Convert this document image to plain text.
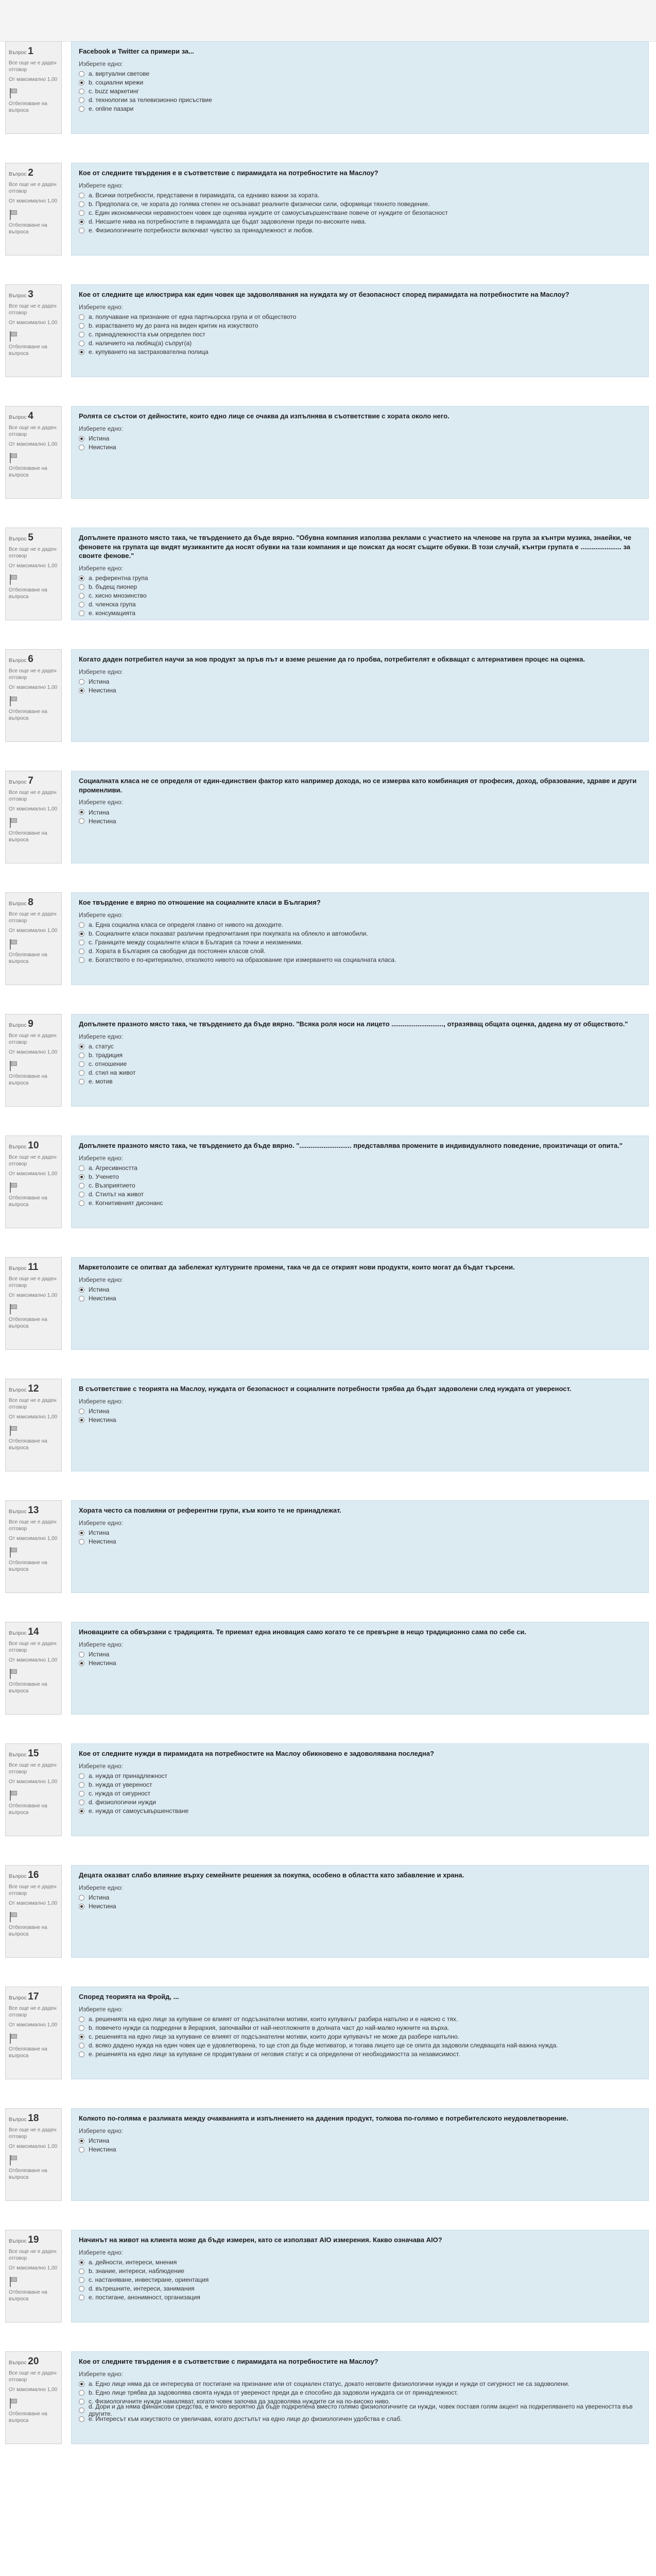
Въпрос 1
Все още не е даден отговор
От максимално 1,00
Отбелязване на въпроса
Facebook и Twitter са примери за...
Изберете едно:
a. виртуални светове
b. социални мрежи
c. buzz маркетинг
d. технологии за телевизионно присъствие
e. online пазари
Въпрос 2
Все още не е даден отговор
От максимално 1,00
Отбелязване на въпроса
Кое от следните твърдения е в съответствие с пирамидата на потребностите на Маслоу?
Изберете едно:
a. Всички потребности, представени в пирамидата, са еднакво важни за хората.
b. Предполага се, че хората до голяма степен не осъзнават реалните физически сили, оформящи тяхното поведение.
c. Един икономически неравностоен човек ще оценява нуждите от самоусъвършенстване повече от нуждите от безопасност
d. Нисшите нива на потребностите в пирамидата ще бъдат задоволени преди по-високите нива.
e. Физиологичните потребности включват чувство за принадлежност и любов.
Въпрос 3
Все още не е даден отговор
От максимално 1,00
Отбелязване на въпроса
Кое от следните ще илюстрира как един човек ще задоволявания на нуждата му от безопасност според пирамидата на потребностите на Маслоу?
Изберете едно:
a. получаване на признание от една партньорска група и от обществото
b. израстването му до ранга на виден критик на изкуството
c. принадлежността към определен пост
d. наличието на любящ(а) съпруг(а)
e. купуването на застрахователна полица
Въпрос 4
Все още не е даден отговор
От максимално 1,00
Отбелязване на въпроса
Ролята се състои от дейностите, които едно лице се очаква да изпълнява в съответствие с хората около него.
Изберете едно:
Истина
Неистина
Въпрос 5
Все още не е даден отговор
От максимално 1,00
Отбелязване на въпроса
Допълнете празното място така, че твърдението да бъде вярно. "Обувна компания използва реклами с участието на членове на група за кънтри музика, знаейки, че феновете на групата ще видят музикантите да носят обувки на тази компания и ще поискат да носят същите обувки. В този случай, кънтри групата е ...................... за своите фенове."
Изберете едно:
a. референтна група
b. бъдещ пионер
c. хисно мнозинство
d. членска група
e. консумацията
Въпрос 6
Все още не е даден отговор
От максимално 1,00
Отбелязване на въпроса
Когато даден потребител научи за нов продукт за пръв път и вземе решение да го пробва, потребителят е обхващат с алтернативен процес на оценка.
Изберете едно:
Истина
Неистина
Въпрос 7
Все още не е даден отговор
От максимално 1,00
Отбелязване на въпроса
Социалната класа не се определя от един-единствен фактор като например дохода, но се измерва като комбинация от професия, доход, образование, здраве и други променливи.
Изберете едно:
Истина
Неистина
Въпрос 8
Все още не е даден отговор
От максимално 1,00
Отбелязване на въпроса
Кое твърдение е вярно по отношение на социалните класи в България?
Изберете едно:
a. Една социална класа се определя главно от нивото на доходите.
b. Социалните класи показват различни предпочитания при покупката на облекло и автомобили.
c. Границите между социалните класи в България са точни и неизменими.
d. Хората в България са свободни да постоянен класов слой.
e. Богатството е по-критериално, отколкото нивото на образование при измерването на социалната класа.
Въпрос 9
Все още не е даден отговор
От максимално 1,00
Отбелязване на въпроса
Допълнете празното място така, че твърдението да бъде вярно. "Всяка роля носи на лицето ............................, отразяващ общата оценка, дадена му от обществото."
Изберете едно:
a. статус
b. традиция
c. отношение
d. стил на живот
e. мотив
Въпрос 10
Все още не е даден отговор
От максимално 1,00
Отбелязване на въпроса
Допълнете празното място така, че твърдението да бъде вярно. "............................ представлява промените в индивидуалното поведение, произтичащи от опита."
Изберете едно:
a. Агресивността
b. Ученето
c. Възприятието
d. Стилът на живот
e. Когнитивният дисонанс
Въпрос 11
Все още не е даден отговор
От максимално 1,00
Отбелязване на въпроса
Маркетолозите се опитват да забележат културните промени, така че да се открият нови продукти, които могат да бъдат търсени.
Изберете едно:
Истина
Неистина
Въпрос 12
Все още не е даден отговор
От максимално 1,00
Отбелязване на въпроса
В съответствие с теорията на Маслоу, нуждата от безопасност и социалните потребности трябва да бъдат задоволени след нуждата от увереност.
Изберете едно:
Истина
Неистина
Въпрос 13
Все още не е даден отговор
От максимално 1,00
Отбелязване на въпроса
Хората често са повлияни от референтни групи, към които те не принадлежат.
Изберете едно:
Истина
Неистина
Въпрос 14
Все още не е даден отговор
От максимално 1,00
Отбелязване на въпроса
Иновациите са обвързани с традицията. Те приемат една иновация само когато те се превърне в нещо традиционно сама по себе си.
Изберете едно:
Истина
Неистина
Въпрос 15
Все още не е даден отговор
От максимално 1,00
Отбелязване на въпроса
Кое от следните нужди в пирамидата на потребностите на Маслоу обикновено е задоволявана последна?
Изберете едно:
a. нужда от принадлежност
b. нужда от увереност
c. нужда от сигурност
d. физиологични нужди
e. нужда от самоусъвършенстване
Въпрос 16
Все още не е даден отговор
От максимално 1,00
Отбелязване на въпроса
Децата оказват слабо влияние върху семейните решения за покупка, особено в областта като забавление и храна.
Изберете едно:
Истина
Неистина
Въпрос 17
Все още не е даден отговор
От максимално 1,00
Отбелязване на въпроса
Според теорията на Фройд, ...
Изберете едно:
a. решенията на едно лице за купуване се влияят от подсъзнателни мотиви, които купувачът разбира напълно и е наясно с тях.
b. повечето нужди са подредени в йерархия, започвайки от най-неотложните в долната част до най-малко нужните на върха.
c. решенията на едно лице за купуване се влияят от подсъзнателни мотиви, които дори купувачът не може да разбере напълно.
d. всяко дадено нужда на един човек ще е удовлетворена, то ще стоп да бъде мотиватор, и тогава лицето ще се опита да задоволи следващата най-важна нужда.
e. решенията на едно лице за купуване се продиктувани от неговия статус и са определени от необходимостта за независимост.
Въпрос 18
Все още не е даден отговор
От максимално 1,00
Отбелязване на въпроса
Колкото по-голяма е разликата между очакванията и изпълнението на дадения продукт, толкова по-голямо е потребителското неудовлетворение.
Изберете едно:
Истина
Неистина
Въпрос 19
Все още не е даден отговор
От максимално 1,00
Отбелязване на въпроса
Начинът на живот на клиента може да бъде измерен, като се използват AIO измерения. Какво означава AIO?
Изберете едно:
a. дейности, интереси, мнения
b. знание, интереси, наблюдение
c. настаняване, инвестиране, ориентация
d. вътрешните, интереси, занимания
e. постигане, анонимност, организация
Въпрос 20
Все още не е даден отговор
От максимално 1,00
Отбелязване на въпроса
Кое от следните твърдения е в съответствие с пирамидата на потребностите на Маслоу?
Изберете едно:
a. Едно лице няма да се интересува от постигане на признание или от социален статус, докато неговите физиологични нужди и нужди от сигурност не са задоволени.
b. Едно лице трябва да задоволява своята нужда от увереност преди да е способно да задоволи нуждата си от принадлежност.
c. Физиологичните нужди намаляват, когато човек започва да задоволява нуждите си на по-високо ниво.
d. Дори и да няма финансови средства, е много вероятно да бъде подкрепена вместо голямо физиологичните си нужди, човек поставя голям акцент на подкрепяването на увереността във другите.
e. Интересът към изкуството се увеличава, когато достъпът на едно лице до физиологичен удобства е слаб.
